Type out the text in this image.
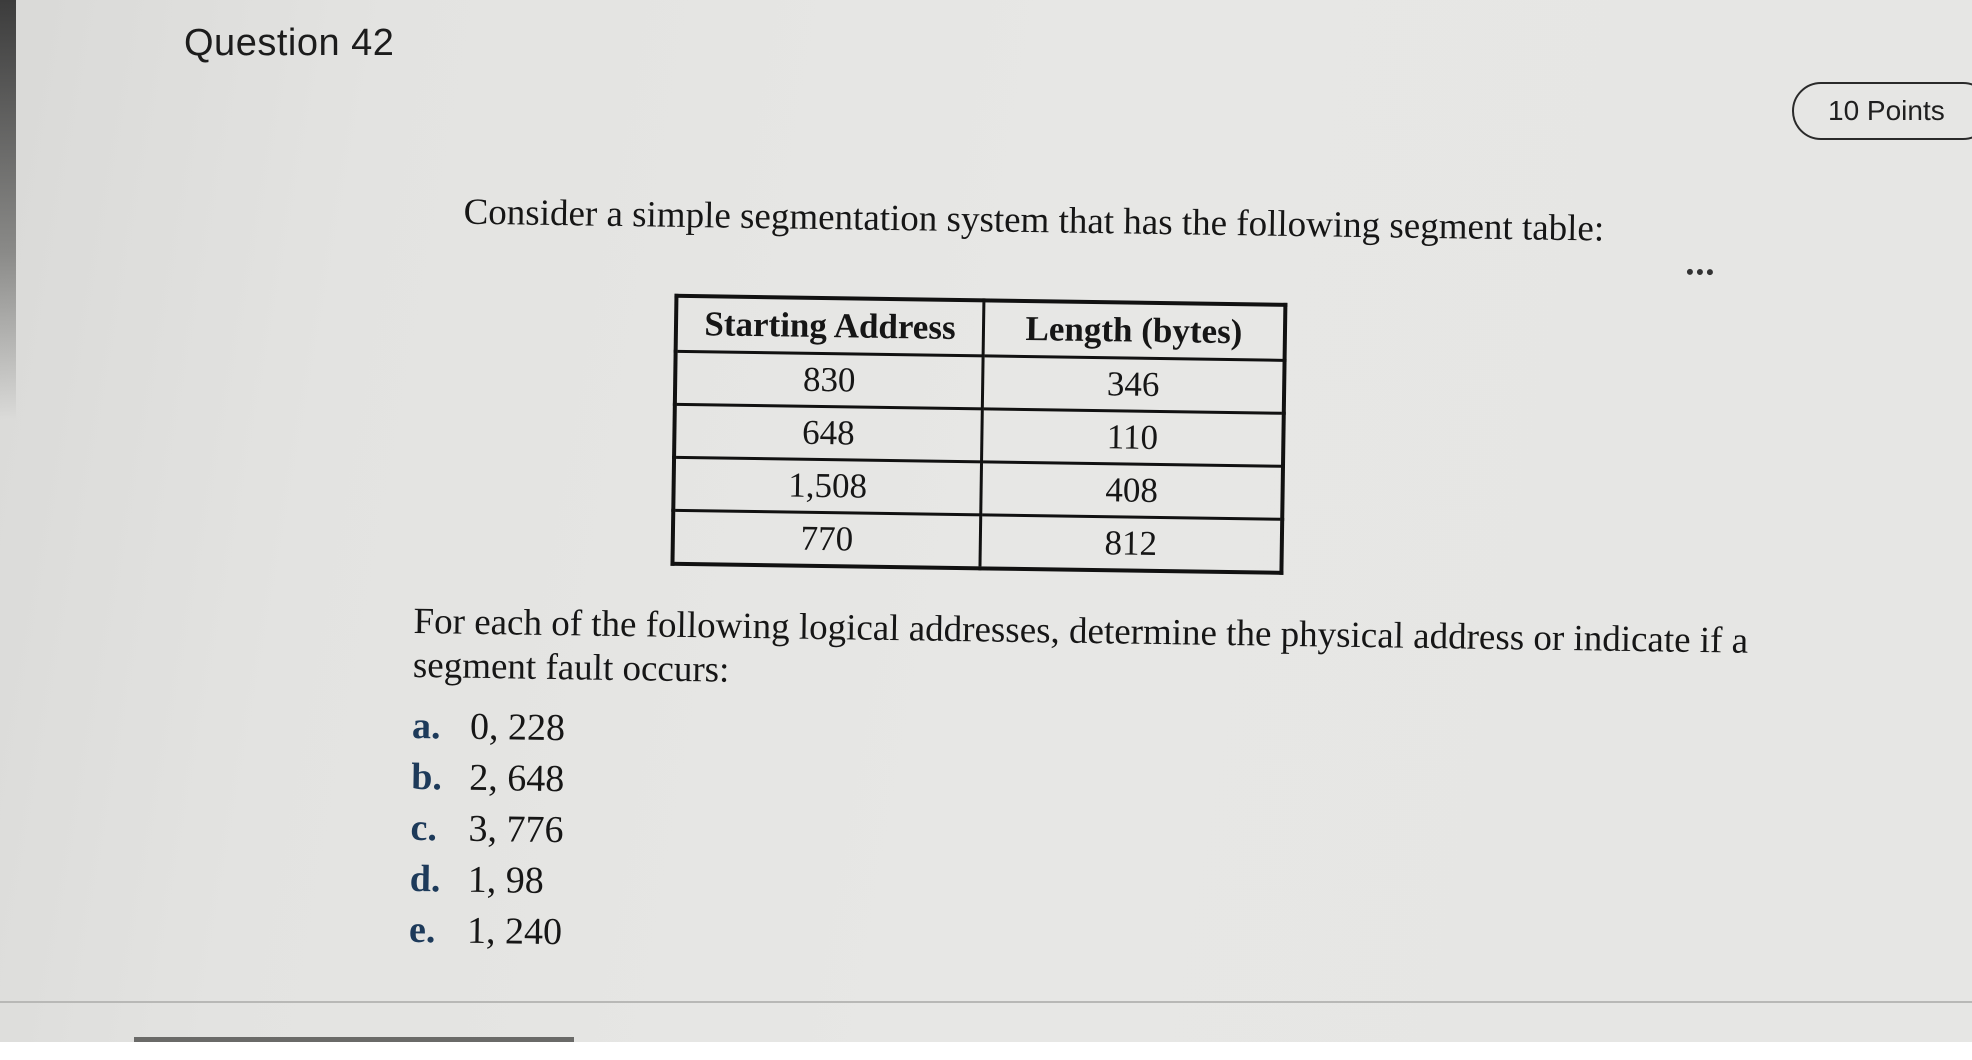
Question 42
10 Points
Consider a simple segmentation system that has the following segment table:
Starting Address	Length (bytes)
830	346
648	110
1,508	408
770	812
For each of the following logical addresses, determine the physical address or indicate if a segment fault occurs:
a. 0, 228
b. 2, 648
c. 3, 776
d. 1, 98
e. 1, 240
